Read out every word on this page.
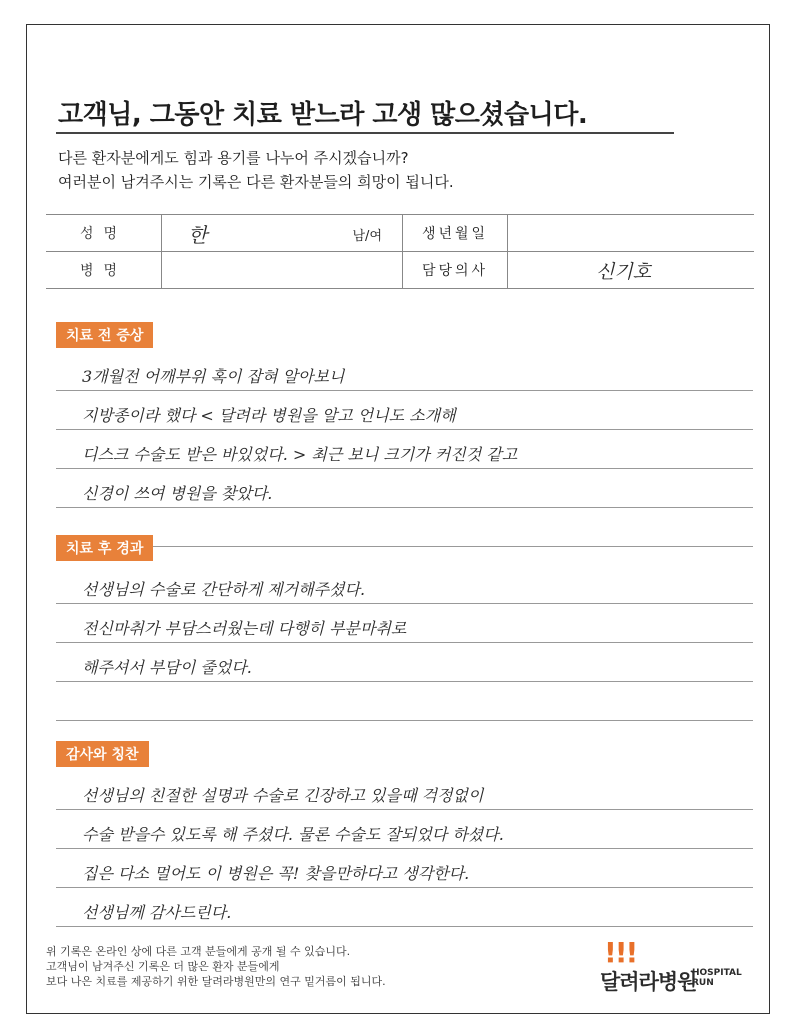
고객님, 그동안 치료 받느라 고생 많으셨습니다.
다른 환자분에게도 힘과 용기를 나누어 주시겠습니까?
여러분이 남겨주시는 기록은 다른 환자분들의 희망이 됩니다.
성명	한 남/여	생년월일	
병명		담당의사	신기호
치료 전 증상
3개월전 어깨부위 혹이 잡혀 알아보니
지방종이라 했다 < 달려라 병원을 알고 언니도 소개해
디스크 수술도 받은 바있었다. > 최근 보니 크기가 커진것 같고
신경이 쓰여 병원을 찾았다.
치료 후 경과
선생님의 수술로 간단하게 제거해주셨다.
전신마취가 부담스러웠는데 다행히 부분마취로
해주셔서 부담이 줄었다.
감사와 칭찬
선생님의 친절한 설명과 수술로 긴장하고 있을때 걱정없이
수술 받을수 있도록 해 주셨다. 물론 수술도 잘되었다 하셨다.
집은 다소 멀어도 이 병원은 꼭! 찾을만하다고 생각한다.
선생님께 감사드린다.
위 기록은 온라인 상에 다른 고객 분들에게 공개 될 수 있습니다.
고객님이 남겨주신 기록은 더 많은 환자 분들에게
보다 나은 치료를 제공하기 위한 달려라병원만의 연구 밑거름이 됩니다.
!!!
달려라병원
HOSPITAL
RUN
